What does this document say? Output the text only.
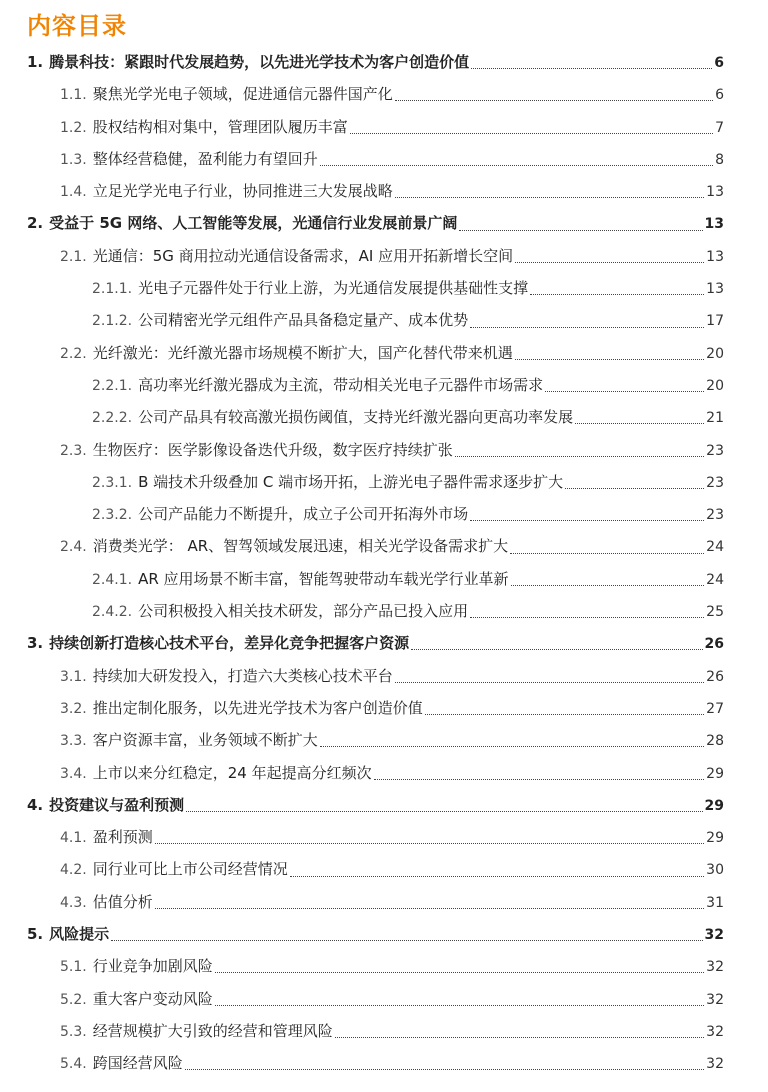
内容目录
1. 腾景科技：紧跟时代发展趋势，以先进光学技术为客户创造价值	6
1.1. 聚焦光学光电子领域，促进通信元器件国产化	6
1.2. 股权结构相对集中，管理团队履历丰富	7
1.3. 整体经营稳健，盈利能力有望回升	8
1.4. 立足光学光电子行业，协同推进三大发展战略	13
2. 受益于 5G 网络、人工智能等发展，光通信行业发展前景广阔	13
2.1. 光通信：5G 商用拉动光通信设备需求，AI 应用开拓新增长空间	13
2.1.1. 光电子元器件处于行业上游，为光通信发展提供基础性支撑	13
2.1.2. 公司精密光学元组件产品具备稳定量产、成本优势	17
2.2. 光纤激光：光纤激光器市场规模不断扩大，国产化替代带来机遇	20
2.2.1. 高功率光纤激光器成为主流，带动相关光电子元器件市场需求	20
2.2.2. 公司产品具有较高激光损伤阈值，支持光纤激光器向更高功率发展	21
2.3. 生物医疗：医学影像设备迭代升级，数字医疗持续扩张	23
2.3.1. B 端技术升级叠加 C 端市场开拓，上游光电子器件需求逐步扩大	23
2.3.2. 公司产品能力不断提升，成立子公司开拓海外市场	23
2.4. 消费类光学： AR、智驾领域发展迅速，相关光学设备需求扩大	24
2.4.1. AR 应用场景不断丰富，智能驾驶带动车载光学行业革新	24
2.4.2. 公司积极投入相关技术研发，部分产品已投入应用	25
3. 持续创新打造核心技术平台，差异化竞争把握客户资源	26
3.1. 持续加大研发投入，打造六大类核心技术平台	26
3.2. 推出定制化服务，以先进光学技术为客户创造价值	27
3.3. 客户资源丰富，业务领域不断扩大	28
3.4. 上市以来分红稳定，24 年起提高分红频次	29
4. 投资建议与盈利预测	29
4.1. 盈利预测	29
4.2. 同行业可比上市公司经营情况	30
4.3. 估值分析	31
5. 风险提示	32
5.1. 行业竞争加剧风险	32
5.2. 重大客户变动风险	32
5.3. 经营规模扩大引致的经营和管理风险	32
5.4. 跨国经营风险	32
